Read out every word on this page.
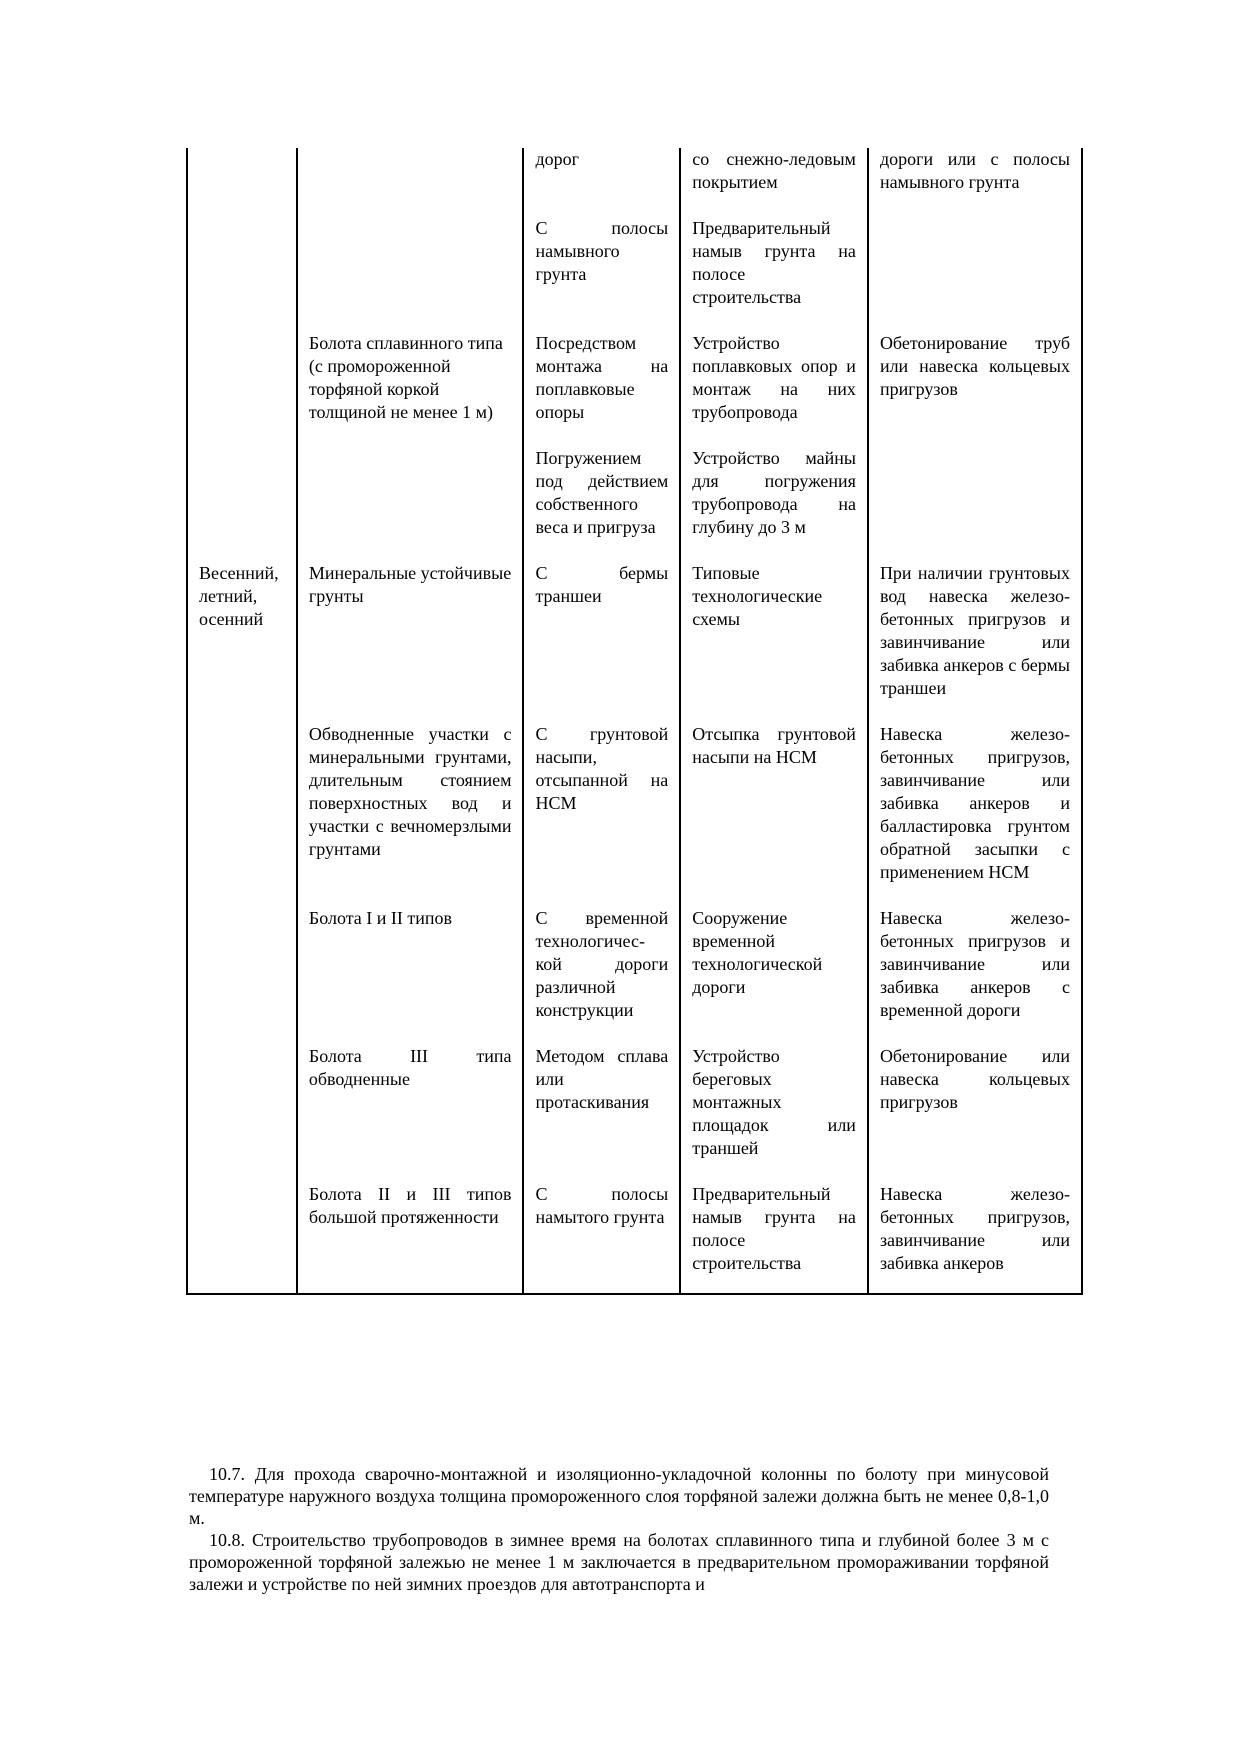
		дорог	со снежно-ледовым покрытием	дороги или с полосы намывного грунта

		С полосы намывного грунта	Предварительный намыв грунта на полосе строительства	

	Болота сплавинного типа (с промороженной торфяной коркой толщиной не менее 1 м)	Посредством монтажа на поплавковые опоры	Устройство поплавковых опор и монтаж на них трубопровода	Обетонирование труб или навеска кольцевых пригрузов

		Погружением под действием собственного веса и пригруза	Устройство майны для погружения трубопровода на глубину до 3 м	

Весенний, летний, осенний	Минеральные устойчивые грунты	С бермы траншеи	Типовые технологические схемы	При наличии грунтовых вод навеска железо-бетонных пригрузов и завинчивание или забивка анкеров с бермы траншеи

	Обводненные участки с минеральными грунтами, длительным стоянием поверхностных вод и участки с вечномерзлыми грунтами	С грунтовой насыпи, отсыпанной на НСМ	Отсыпка грунтовой насыпи на НСМ	Навеска железо-бетонных пригрузов, завинчивание или забивка анкеров и балластировка грунтом обратной засыпки с применением НСМ

	Болота I и II типов	С временной технологичес-кой дороги различной конструкции	Сооружение временной технологической дороги	Навеска железо-бетонных пригрузов и завинчивание или забивка анкеров с временной дороги

	Болота III типа обводненные	Методом сплава или протаскивания	Устройство береговых монтажных площадок или траншей	Обетонирование или навеска кольцевых пригрузов

	Болота II и III типов большой протяженности	С полосы намытого грунта	Предварительный намыв грунта на полосе строительства	Навеска железо-бетонных пригрузов, завинчивание или забивка анкеров

10.7. Для прохода сварочно-монтажной и изоляционно-укладочной колонны по болоту при минусовой температуре наружного воздуха толщина промороженного слоя торфяной залежи должна быть не менее 0,8-1,0 м.

10.8. Строительство трубопроводов в зимнее время на болотах сплавинного типа и глубиной более 3 м с промороженной торфяной залежью не менее 1 м заключается в предварительном промораживании торфяной залежи и устройстве по ней зимних проездов для автотранспорта и
